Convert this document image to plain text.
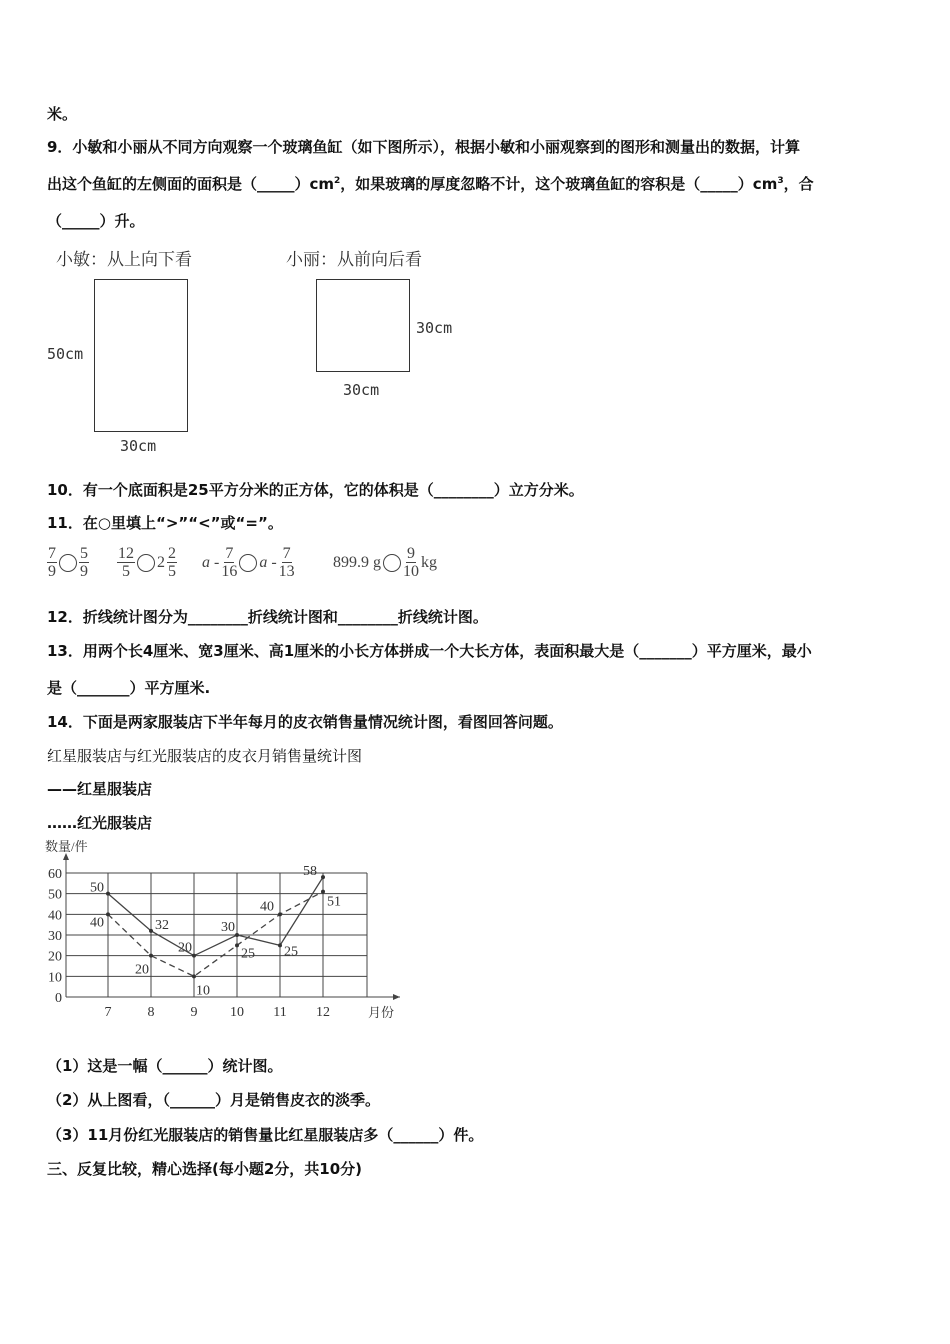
米。
9．小敏和小丽从不同方向观察一个玻璃鱼缸（如下图所示），根据小敏和小丽观察到的图形和测量出的数据，计算
出这个鱼缸的左侧面的面积是$(\_\_\_\_\_)cm^2$，如果玻璃的厚度忽略不计，这个玻璃鱼缸的容积是$(\_\_\_\_\_)cm^3$，合
（_____）升。
小敏：从上向下看	小丽：从前向后看
50cm
30cm
30cm
30cm
10．有一个底面积是25平方分米的正方体，它的体积是（________）立方分米。
11．在○里填上“>”“<”或“=”。
7
9
5
9
12
5
2 2
5
a - 7
16
a - 7
13
899.9 g 9
10
kg
12．折线统计图分为________折线统计图和________折线统计图。
13．用两个长4厘米、宽3厘米、高1厘米的小长方体拼成一个大长方体，表面积最大是（_______）平方厘米，最小
是（_______）平方厘米.
14．下面是两家服装店下半年每月的皮衣销售量情况统计图，看图回答问题。
红星服装店与红光服装店的皮衣月销售量统计图
——红星服装店
……红光服装店
0
10
20
30
40
50
60
7	8	9 10 11 12
数量/件
月份
50
32
20
30
25
58
40
20
10
25
40	51
（1）这是一幅（______）统计图。
（2）从上图看，（______）月是销售皮衣的淡季。
（3）11月份红光服装店的销售量比红星服装店多（______）件。
三、反复比较，精心选择(每小题2分，共10分)
